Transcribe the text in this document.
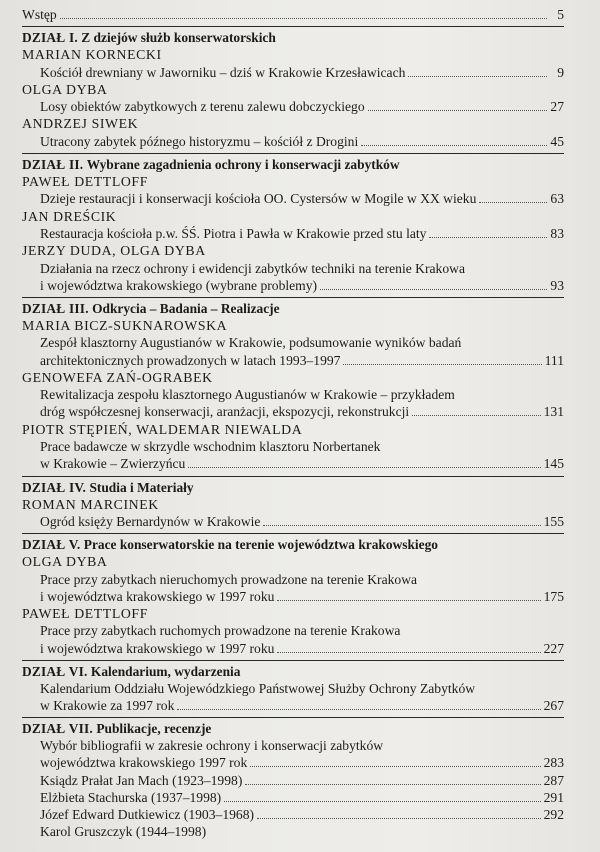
Wstęp	5
DZIAŁ I. Z dziejów służb konserwatorskich
MARIAN KORNECKI
Kościół drewniany w Jaworniku – dziś w Krakowie Krzesławicach	9
OLGA DYBA
Losy obiektów zabytkowych z terenu zalewu dobczyckiego	27
ANDRZEJ SIWEK
Utracony zabytek późnego historyzmu – kościół z Drogini	45
DZIAŁ II. Wybrane zagadnienia ochrony i konserwacji zabytków
PAWEŁ DETTLOFF
Dzieje restauracji i konserwacji kościoła OO. Cystersów w Mogile w XX wieku	63
JAN DREŚCIK
Restauracja kościoła p.w. ŚŚ. Piotra i Pawła w Krakowie przed stu laty	83
JERZY DUDA, OLGA DYBA
Działania na rzecz ochrony i ewidencji zabytków techniki na terenie Krakowa
i województwa krakowskiego (wybrane problemy)	93
DZIAŁ III. Odkrycia – Badania – Realizacje
MARIA BICZ-SUKNAROWSKA
Zespół klasztorny Augustianów w Krakowie, podsumowanie wyników badań
architektonicznych prowadzonych w latach 1993–1997	111
GENOWEFA ZAŃ-OGRABEK
Rewitalizacja zespołu klasztornego Augustianów w Krakowie – przykładem
dróg współczesnej konserwacji, aranżacji, ekspozycji, rekonstrukcji	131
PIOTR STĘPIEŃ, WALDEMAR NIEWALDA
Prace badawcze w skrzydle wschodnim klasztoru Norbertanek
w Krakowie – Zwierzyńcu	145
DZIAŁ IV. Studia i Materiały
ROMAN MARCINEK
Ogród księży Bernardynów w Krakowie	155
DZIAŁ V. Prace konserwatorskie na terenie województwa krakowskiego
OLGA DYBA
Prace przy zabytkach nieruchomych prowadzone na terenie Krakowa
i województwa krakowskiego w 1997 roku	175
PAWEŁ DETTLOFF
Prace przy zabytkach ruchomych prowadzone na terenie Krakowa
i województwa krakowskiego w 1997 roku	227
DZIAŁ VI. Kalendarium, wydarzenia
Kalendarium Oddziału Wojewódzkiego Państwowej Służby Ochrony Zabytków
w Krakowie za 1997 rok	267
DZIAŁ VII. Publikacje, recenzje
Wybór bibliografii w zakresie ochrony i konserwacji zabytków
województwa krakowskiego 1997 rok	283
Ksiądz Prałat Jan Mach (1923–1998)	287
Elżbieta Stachurska (1937–1998)	291
Józef Edward Dutkiewicz (1903–1968)	292
Karol Gruszczyk (1944–1998)
